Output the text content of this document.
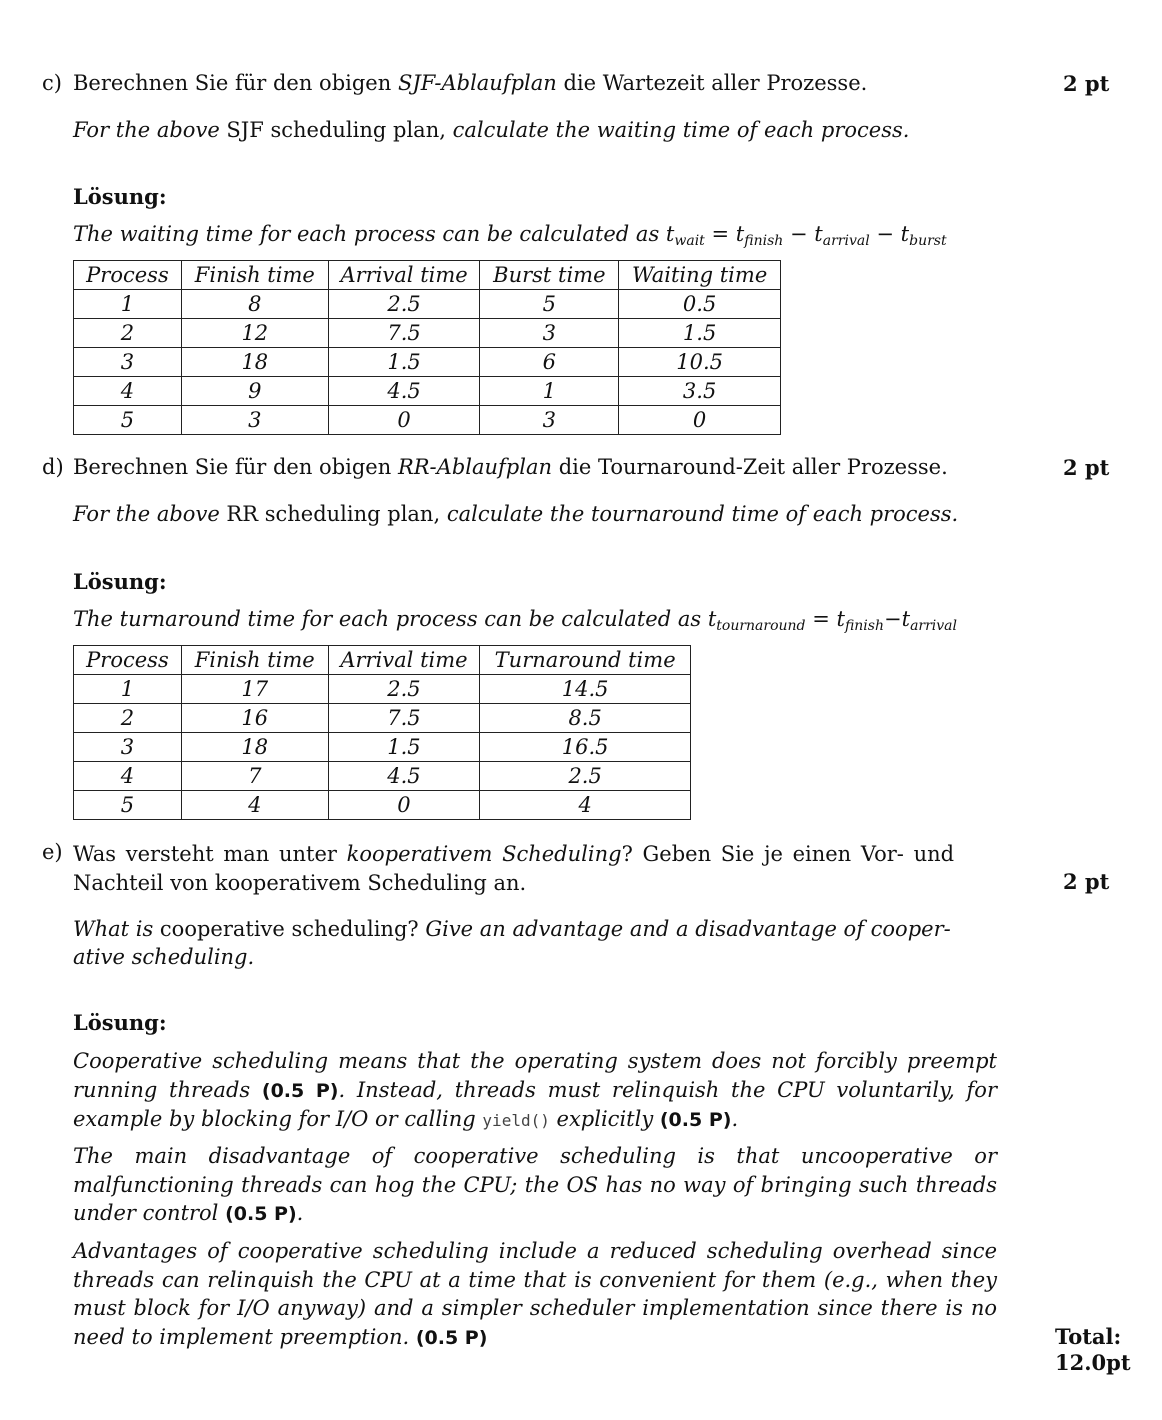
c) Berechnen Sie für den obigen SJF-Ablaufplan die Wartezeit aller Prozesse.	2 pt
For the above SJF scheduling plan, calculate the waiting time of each process.
Lösung:
The waiting time for each process can be calculated as $t_{wait} = t_{finish} - t_{arrival} - t_{burst}$
Process	Finish time	Arrival time	Burst time	Waiting time
1	8	2.5	5	0.5
2	12	7.5	3	1.5
3	18	1.5	6	10.5
4	9	4.5	1	3.5
5	3	0	3	0
d) Berechnen Sie für den obigen RR-Ablaufplan die Tournaround-Zeit aller Prozesse.	2 pt
For the above RR scheduling plan, calculate the tournaround time of each process.
Lösung:
The turnaround time for each process can be calculated as $t_{tournaround} = t_{finish}-t_{arrival}$
Process	Finish time	Arrival time	Turnaround time
1	17	2.5	14.5
2	16	7.5	8.5
3	18	1.5	16.5
4	7	4.5	2.5
5	4	0	4
e) Was versteht man unter kooperativem Scheduling? Geben Sie je einen Vor- und
Nachteil von kooperativem Scheduling an.	2 pt
What is cooperative scheduling? Give an advantage and a disadvantage of cooper-
ative scheduling.
Lösung:
Cooperative scheduling means that the operating system does not forcibly preempt running threads (0.5 P). Instead, threads must relinquish the CPU voluntarily, for example by blocking for I/O or calling yield() explicitly (0.5 P).
The main disadvantage of cooperative scheduling is that uncooperative or malfunctioning threads can hog the CPU; the OS has no way of bringing such threads under control (0.5 P).
Advantages of cooperative scheduling include a reduced scheduling overhead since threads can relinquish the CPU at a time that is convenient for them (e.g., when they must block for I/O anyway) and a simpler scheduler implementation since there is no need to implement preemption. (0.5 P)	Total:
12.0pt
